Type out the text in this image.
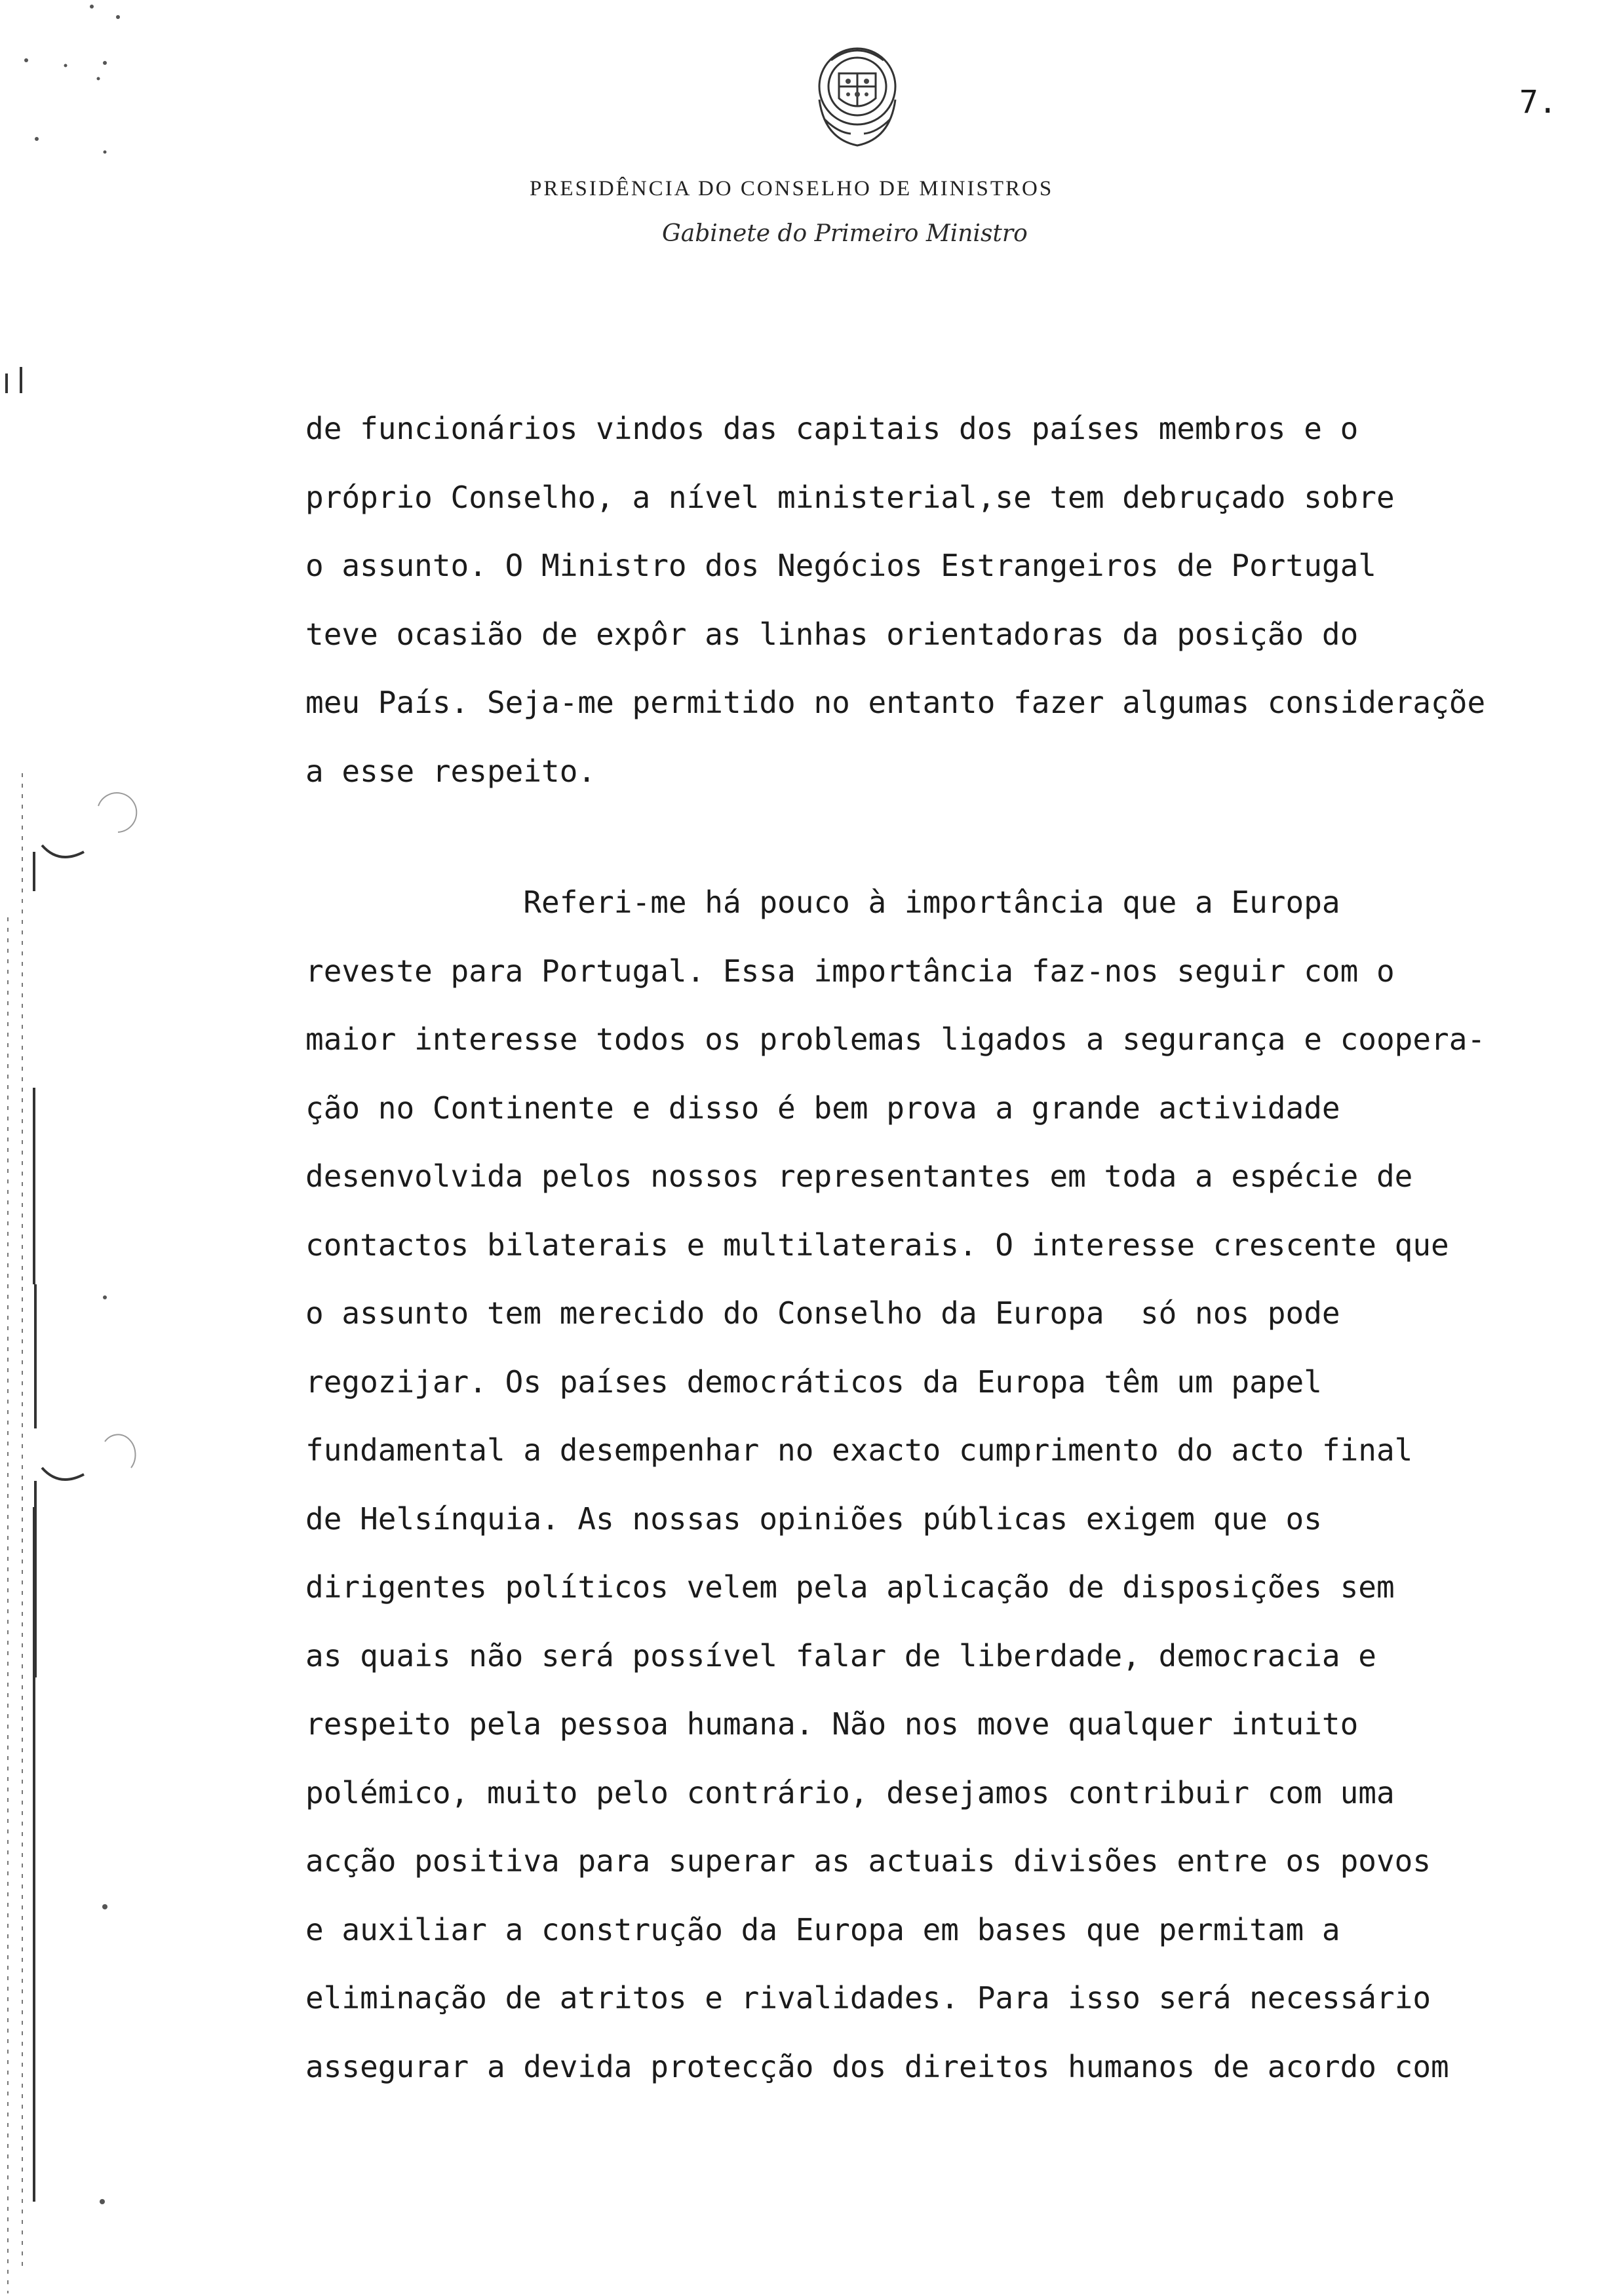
7.
PRESIDÊNCIA DO CONSELHO DE MINISTROS
Gabinete do Primeiro Ministro
de funcionários vindos das capitais dos países membros e o
próprio Conselho, a nível ministerial,se tem debruçado sobre
o assunto. O Ministro dos Negócios Estrangeiros de Portugal
teve ocasião de expôr as linhas orientadoras da posição do
meu País. Seja-me permitido no entanto fazer algumas consideraçõe
a esse respeito.
Referi-me há pouco à importância que a Europa
reveste para Portugal. Essa importância faz-nos seguir com o
maior interesse todos os problemas ligados a segurança e coopera-
ção no Continente e disso é bem prova a grande actividade
desenvolvida pelos nossos representantes em toda a espécie de
contactos bilaterais e multilaterais. O interesse crescente que
o assunto tem merecido do Conselho da Europa  só nos pode
regozijar. Os países democráticos da Europa têm um papel
fundamental a desempenhar no exacto cumprimento do acto final
de Helsínquia. As nossas opiniões públicas exigem que os
dirigentes políticos velem pela aplicação de disposições sem
as quais não será possível falar de liberdade, democracia e
respeito pela pessoa humana. Não nos move qualquer intuito
polémico, muito pelo contrário, desejamos contribuir com uma
acção positiva para superar as actuais divisões entre os povos
e auxiliar a construção da Europa em bases que permitam a
eliminação de atritos e rivalidades. Para isso será necessário
assegurar a devida protecção dos direitos humanos de acordo com
